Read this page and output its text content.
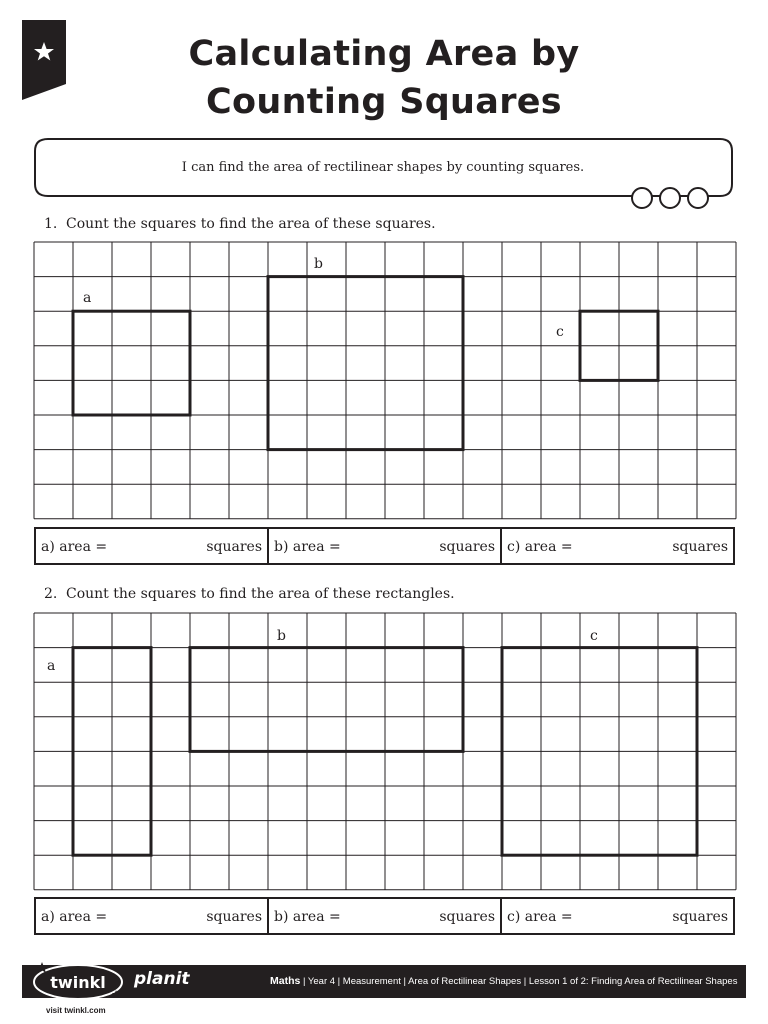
Calculating Area by
Counting Squares
I can find the area of rectilinear shapes by counting squares.
1. Count the squares to find the area of these squares.
a
b
c
a) area =	squares b) area =	squares c) area =	squares
2. Count the squares to find the area of these rectangles.
a
b	c
a) area =	squares b) area =	squares c) area =	squares
twinkl planit	Maths | Year 4 | Measurement | Area of Rectilinear Shapes | Lesson 1 of 2: Finding Area of Rectilinear Shapes
visit twinkl.com
